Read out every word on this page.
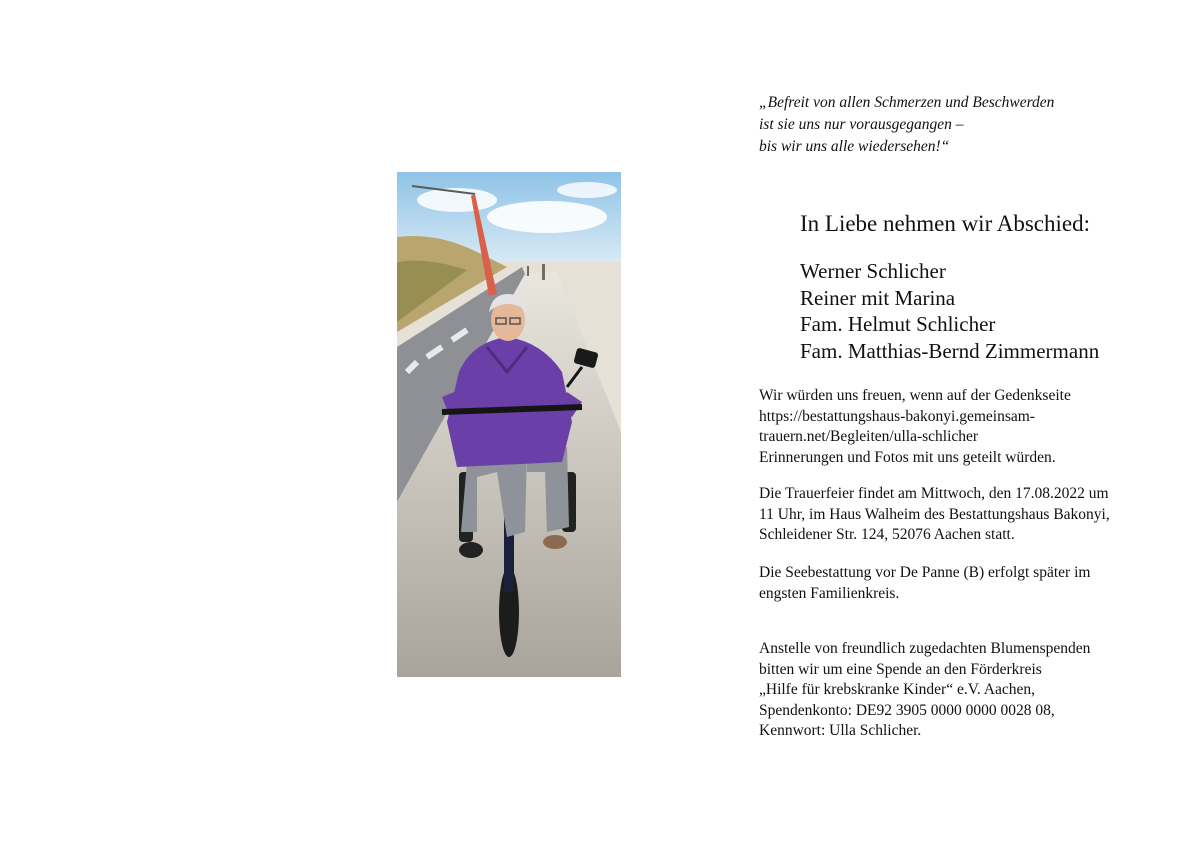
„Befreit von allen Schmerzen und Beschwerden
ist sie uns nur vorausgegangen –
bis wir uns alle wiedersehen!“
In Liebe nehmen wir Abschied:
Werner Schlicher
Reiner mit Marina
Fam. Helmut Schlicher
Fam. Matthias-Bernd Zimmermann
Wir würden uns freuen, wenn auf der Gedenkseite
https://bestattungshaus-bakonyi.gemeinsam-
trauern.net/Begleiten/ulla-schlicher
Erinnerungen und Fotos mit uns geteilt würden.
Die Trauerfeier findet am Mittwoch, den 17.08.2022 um
11 Uhr, im Haus Walheim des Bestattungshaus Bakonyi,
Schleidener Str. 124, 52076 Aachen statt.
Die Seebestattung vor De Panne (B) erfolgt später im
engsten Familienkreis.
Anstelle von freundlich zugedachten Blumenspenden
bitten wir um eine Spende an den Förderkreis
„Hilfe für krebskranke Kinder“ e.V. Aachen,
Spendenkonto: DE92 3905 0000 0000 0028 08,
Kennwort: Ulla Schlicher.
